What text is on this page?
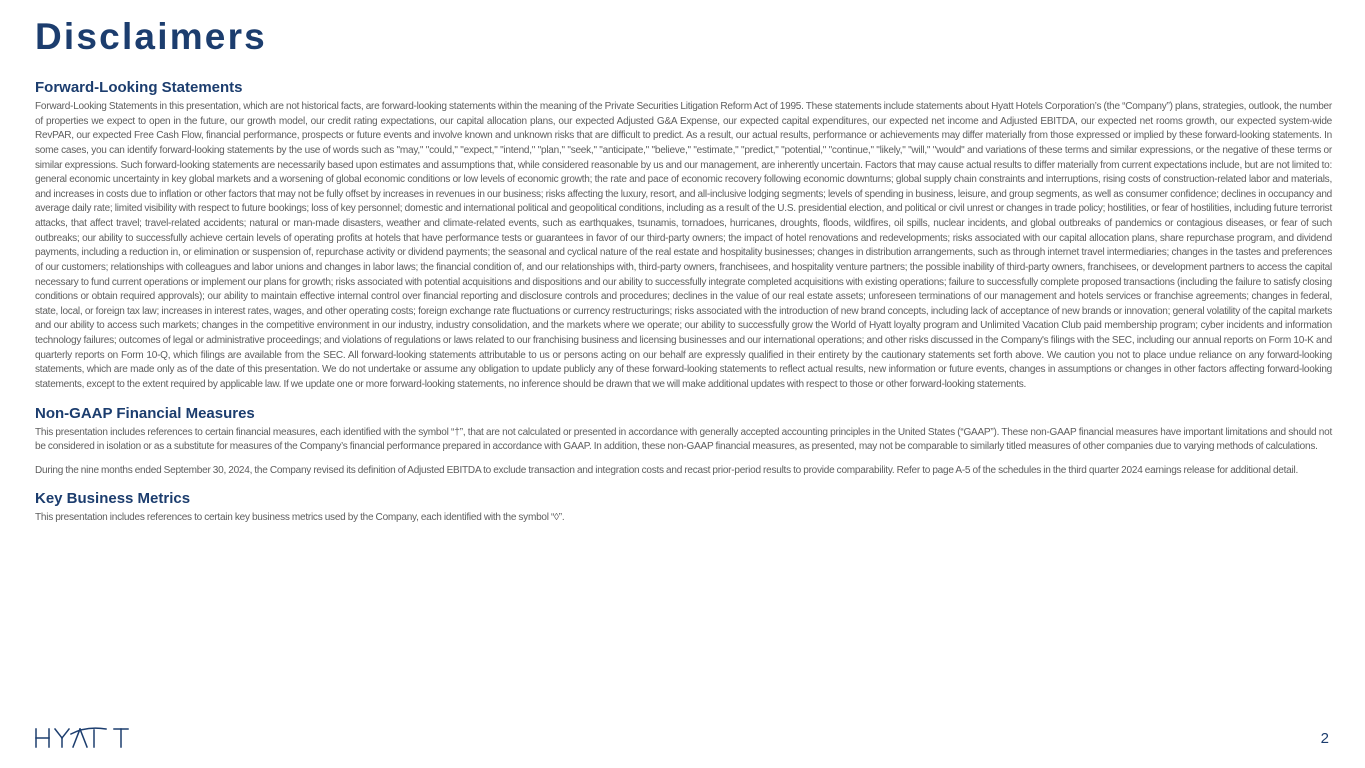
Disclaimers
Forward-Looking Statements

Forward-Looking Statements in this presentation, which are not historical facts, are forward-looking statements within the meaning of the Private Securities Litigation Reform Act of 1995. These statements include statements about Hyatt Hotels Corporation’s (the “Company”) plans, strategies, outlook, the number of properties we expect to open in the future, our growth model, our credit rating expectations, our capital allocation plans, our expected Adjusted G&A Expense, our expected capital expenditures, our expected net income and Adjusted EBITDA, our expected net rooms growth, our expected system-wide RevPAR, our expected Free Cash Flow, financial performance, prospects or future events and involve known and unknown risks that are difficult to predict. As a result, our actual results, performance or achievements may differ materially from those expressed or implied by these forward-looking statements. In some cases, you can identify forward-looking statements by the use of words such as "may," "could," "expect," "intend," "plan," "seek," "anticipate," "believe," "estimate," "predict," "potential," "continue," "likely," "will," "would" and variations of these terms and similar expressions, or the negative of these terms or similar expressions. Such forward-looking statements are necessarily based upon estimates and assumptions that, while considered reasonable by us and our management, are inherently uncertain. Factors that may cause actual results to differ materially from current expectations include, but are not limited to: general economic uncertainty in key global markets and a worsening of global economic conditions or low levels of economic growth; the rate and pace of economic recovery following economic downturns; global supply chain constraints and interruptions, rising costs of construction-related labor and materials, and increases in costs due to inflation or other factors that may not be fully offset by increases in revenues in our business; risks affecting the luxury, resort, and all-inclusive lodging segments; levels of spending in business, leisure, and group segments, as well as consumer confidence; declines in occupancy and average daily rate; limited visibility with respect to future bookings; loss of key personnel; domestic and international political and geopolitical conditions, including as a result of the U.S. presidential election, and political or civil unrest or changes in trade policy; hostilities, or fear of hostilities, including future terrorist attacks, that affect travel; travel-related accidents; natural or man-made disasters, weather and climate-related events, such as earthquakes, tsunamis, tornadoes, hurricanes, droughts, floods, wildfires, oil spills, nuclear incidents, and global outbreaks of pandemics or contagious diseases, or fear of such outbreaks; our ability to successfully achieve certain levels of operating profits at hotels that have performance tests or guarantees in favor of our third-party owners; the impact of hotel renovations and redevelopments; risks associated with our capital allocation plans, share repurchase program, and dividend payments, including a reduction in, or elimination or suspension of, repurchase activity or dividend payments; the seasonal and cyclical nature of the real estate and hospitality businesses; changes in distribution arrangements, such as through internet travel intermediaries; changes in the tastes and preferences of our customers; relationships with colleagues and labor unions and changes in labor laws; the financial condition of, and our relationships with, third-party owners, franchisees, and hospitality venture partners; the possible inability of third-party owners, franchisees, or development partners to access the capital necessary to fund current operations or implement our plans for growth; risks associated with potential acquisitions and dispositions and our ability to successfully integrate completed acquisitions with existing operations; failure to successfully complete proposed transactions (including the failure to satisfy closing conditions or obtain required approvals); our ability to maintain effective internal control over financial reporting and disclosure controls and procedures; declines in the value of our real estate assets; unforeseen terminations of our management and hotels services or franchise agreements; changes in federal, state, local, or foreign tax law; increases in interest rates, wages, and other operating costs; foreign exchange rate fluctuations or currency restructurings; risks associated with the introduction of new brand concepts, including lack of acceptance of new brands or innovation; general volatility of the capital markets and our ability to access such markets; changes in the competitive environment in our industry, industry consolidation, and the markets where we operate; our ability to successfully grow the World of Hyatt loyalty program and Unlimited Vacation Club paid membership program; cyber incidents and information technology failures; outcomes of legal or administrative proceedings; and violations of regulations or laws related to our franchising business and licensing businesses and our international operations; and other risks discussed in the Company's filings with the SEC, including our annual reports on Form 10-K and quarterly reports on Form 10-Q, which filings are available from the SEC. All forward-looking statements attributable to us or persons acting on our behalf are expressly qualified in their entirety by the cautionary statements set forth above. We caution you not to place undue reliance on any forward-looking statements, which are made only as of the date of this presentation. We do not undertake or assume any obligation to update publicly any of these forward-looking statements to reflect actual results, new information or future events, changes in assumptions or changes in other factors affecting forward-looking statements, except to the extent required by applicable law. If we update one or more forward-looking statements, no inference should be drawn that we will make additional updates with respect to those or other forward-looking statements.

Non-GAAP Financial Measures

This presentation includes references to certain financial measures, each identified with the symbol “†”, that are not calculated or presented in accordance with generally accepted accounting principles in the United States (“GAAP”). These non-GAAP financial measures have important limitations and should not be considered in isolation or as a substitute for measures of the Company’s financial performance prepared in accordance with GAAP. In addition, these non-GAAP financial measures, as presented, may not be comparable to similarly titled measures of other companies due to varying methods of calculations.

During the nine months ended September 30, 2024, the Company revised its definition of Adjusted EBITDA to exclude transaction and integration costs and recast prior-period results to provide comparability. Refer to page A-5 of the schedules in the third quarter 2024 earnings release for additional detail.

Key Business Metrics

This presentation includes references to certain key business metrics used by the Company, each identified with the symbol “◊”.

2
